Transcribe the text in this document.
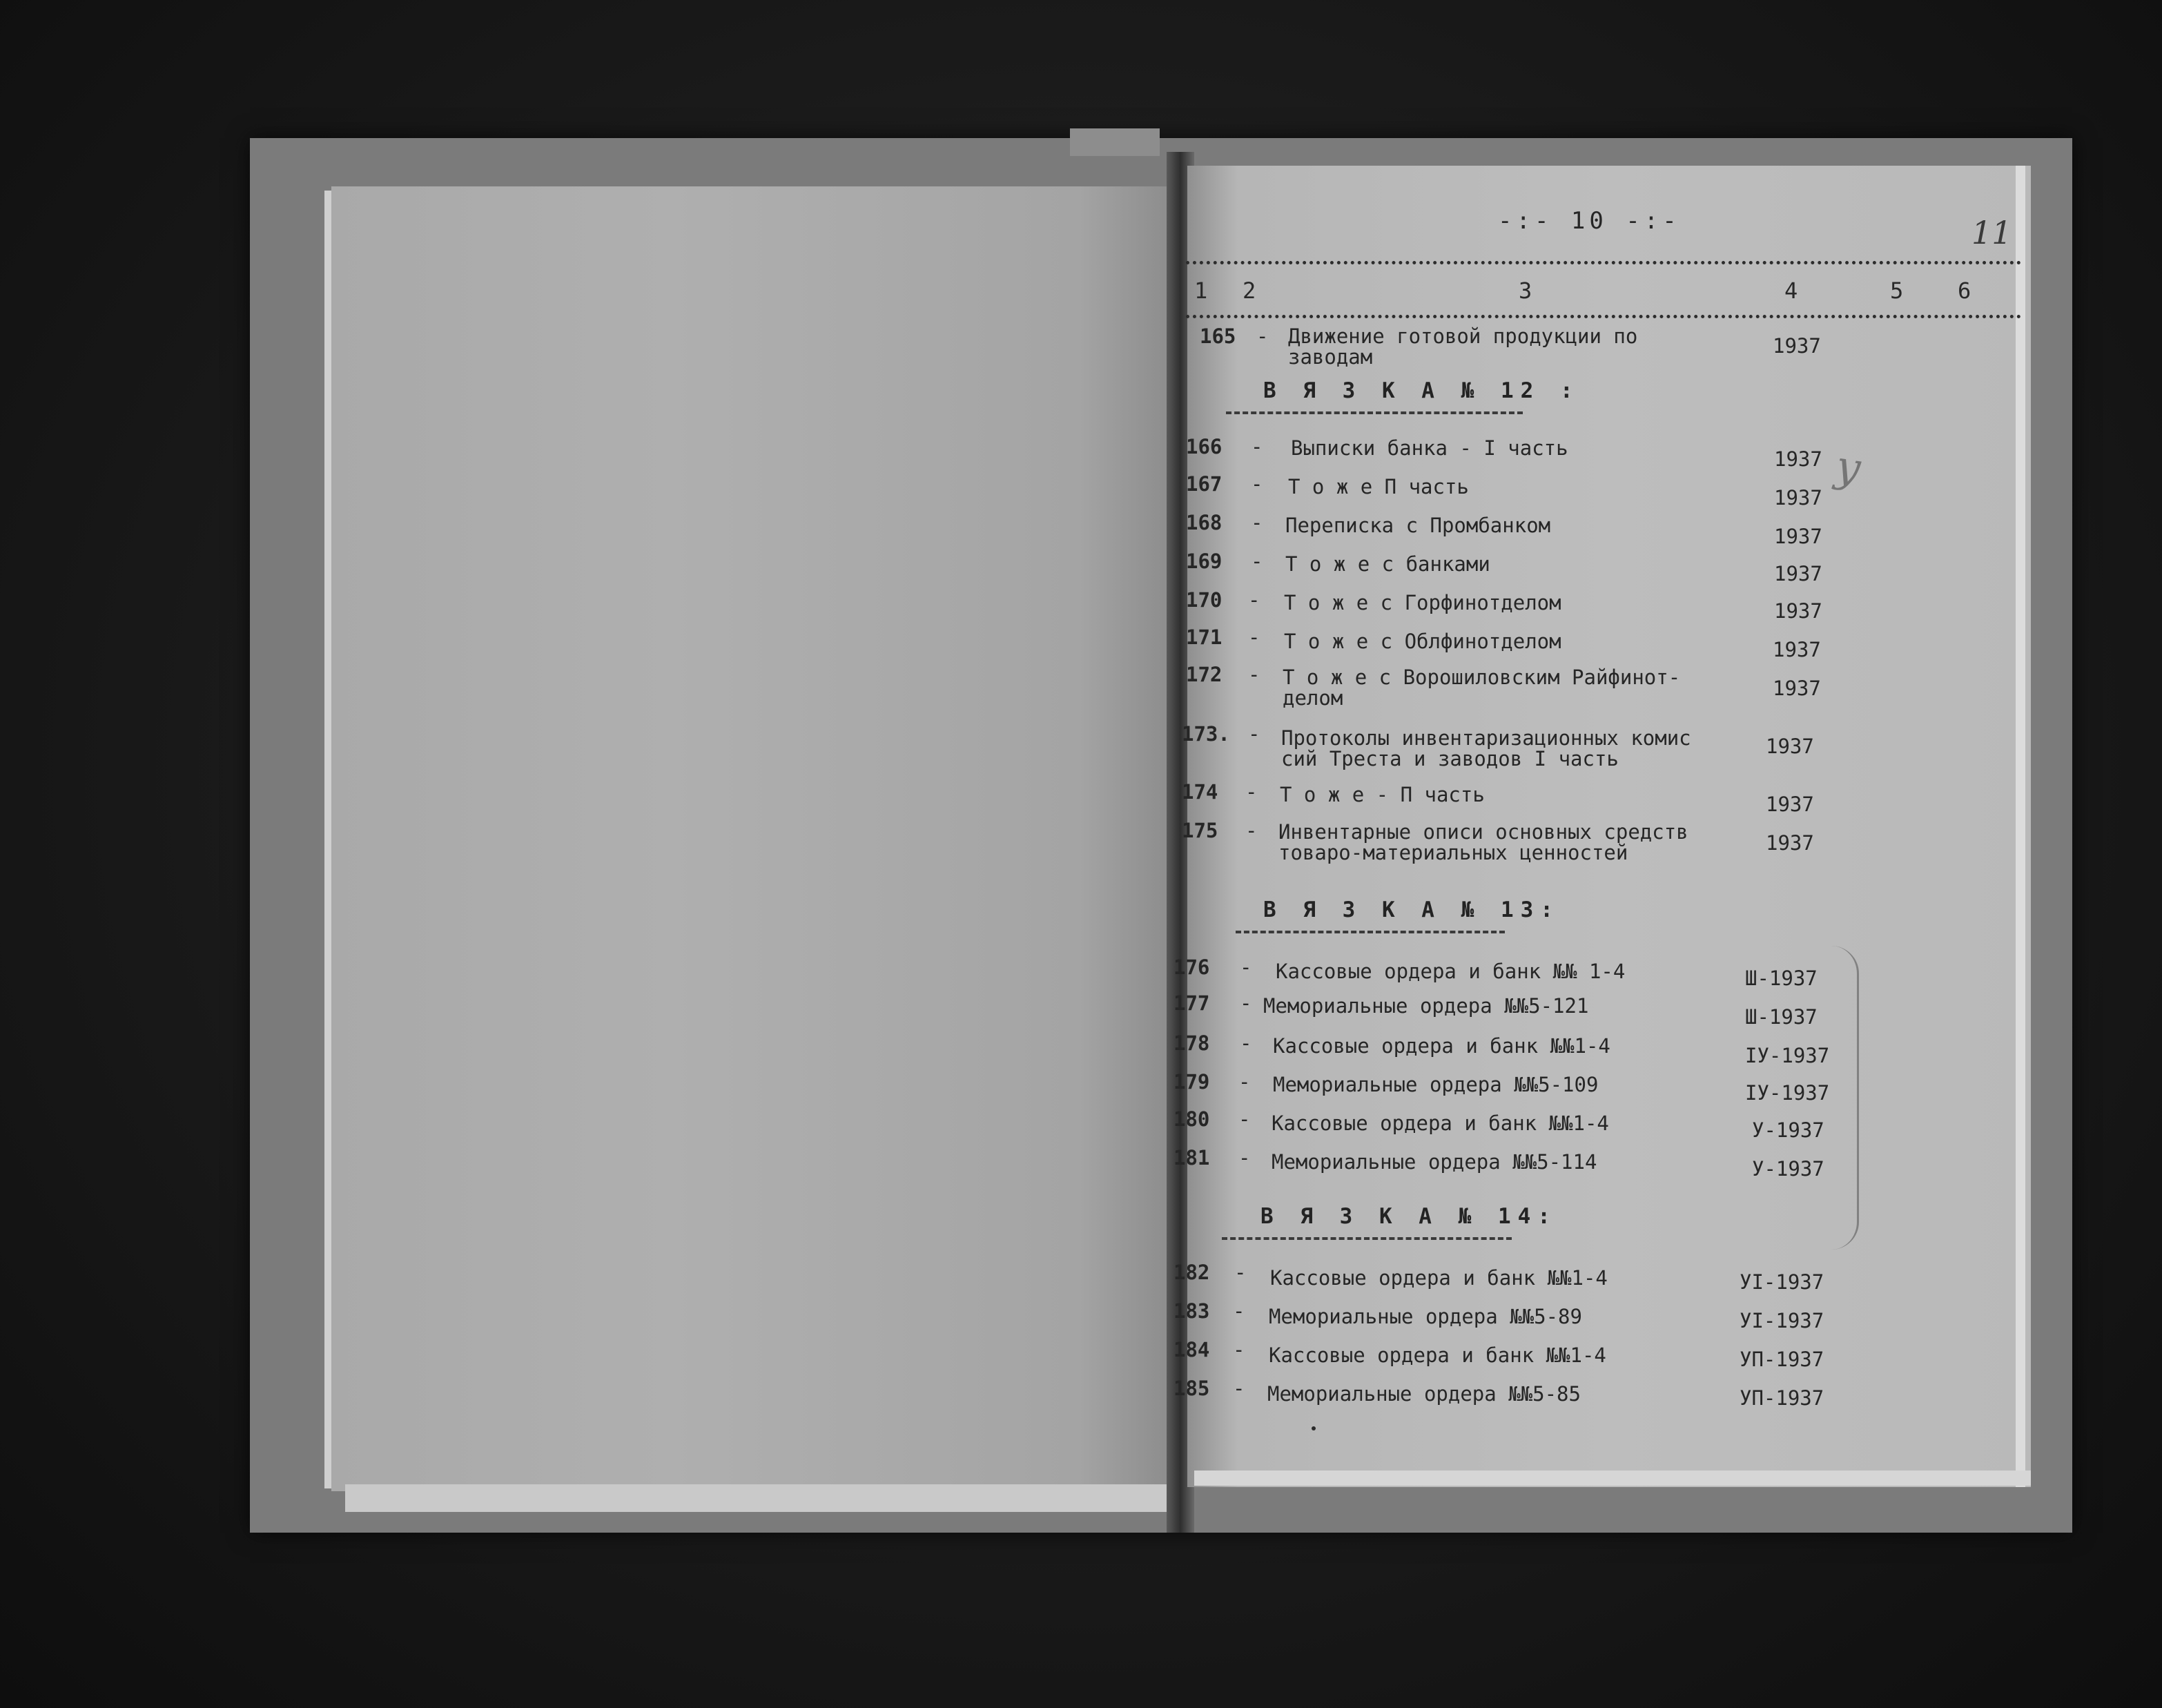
-:- 10 -:-	11
1 2	3	4	5 6
165 - Движение готовой продукции по
заводам	1937
В Я З К А № 12 :
166 - Выписки банка - I часть	1937
167 - Т о ж е П часть	1937
168 - Переписка с Промбанком	1937
169 - Т о ж е с банками	1937
170 - Т о ж е с Горфинотделом	1937
171 - Т о ж е с Облфинотделом	1937
172 - Т о ж е с Ворошиловским Райфинот-
делом	1937
173. - Протоколы инвентаризационных комис
сий Треста и заводов I часть
1937
174 - Т о ж е - П часть	1937
175 - Инвентарные описи основных средств
товаро-материальных ценностей	1937
В Я З К А № 13:
176 - Кассовые ордера и банк №№ 1-4	Ш-1937
177 - Мемориальные ордера №№5-121	Ш-1937
178 - Кассовые ордера и банк №№1-4	IУ-1937
179 - Мемориальные ордера №№5-109	IУ-1937
180 - Кассовые ордера и банк №№1-4	У-1937
181 - Мемориальные ордера №№5-114	У-1937
В Я З К А № 14:
182 - Кассовые ордера и банк №№1-4	УI-1937
183 - Мемориальные ордера №№5-89	УI-1937
184 - Кассовые ордера и банк №№1-4	УП-1937
185 - Мемориальные ордера №№5-85	УП-1937
у
